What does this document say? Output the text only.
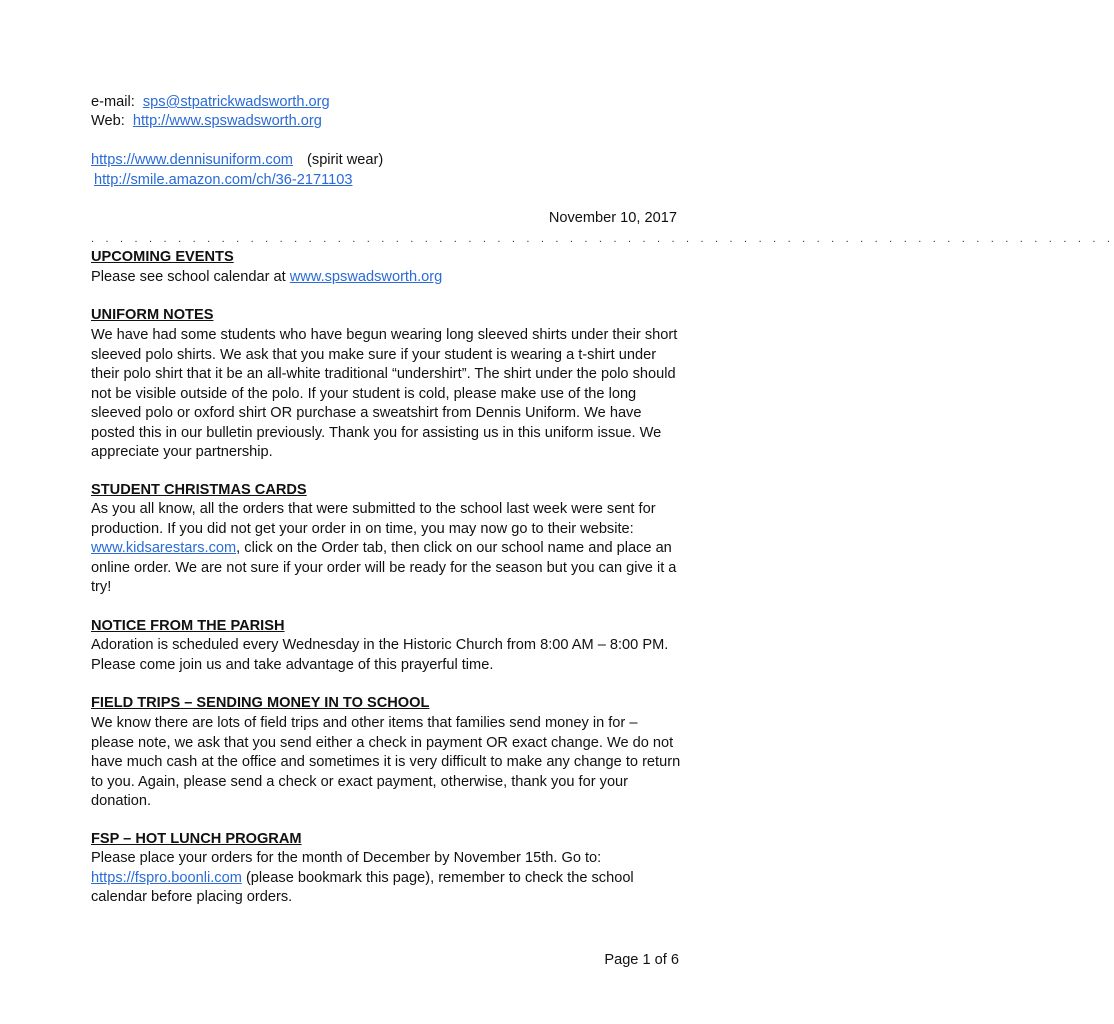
e-mail: sps@stpatrickwadsworth.org
Web: http://www.spswadsworth.org
https://www.dennisuniform.com (spirit wear)
http://smile.amazon.com/ch/36-2171103
November 10, 2017
. . . . . . . . . . . . . . . . . . . . . . . . . . . . . . . . . . . . . . . . . . . . . . . . . . . . . . . . . . . . . . . . . . . . . . .
UPCOMING EVENTS
Please see school calendar at www.spswadsworth.org
UNIFORM NOTES
We have had some students who have begun wearing long sleeved shirts under their short sleeved polo shirts. We ask that you make sure if your student is wearing a t-shirt under their polo shirt that it be an all-white traditional “undershirt”. The shirt under the polo should not be visible outside of the polo. If your student is cold, please make use of the long sleeved polo or oxford shirt OR purchase a sweatshirt from Dennis Uniform. We have posted this in our bulletin previously. Thank you for assisting us in this uniform issue. We appreciate your partnership.
STUDENT CHRISTMAS CARDS
As you all know, all the orders that were submitted to the school last week were sent for production. If you did not get your order in on time, you may now go to their website: www.kidsarestars.com, click on the Order tab, then click on our school name and place an online order. We are not sure if your order will be ready for the season but you can give it a try!
NOTICE FROM THE PARISH
Adoration is scheduled every Wednesday in the Historic Church from 8:00 AM – 8:00 PM. Please come join us and take advantage of this prayerful time.
FIELD TRIPS – SENDING MONEY IN TO SCHOOL
We know there are lots of field trips and other items that families send money in for – please note, we ask that you send either a check in payment OR exact change. We do not have much cash at the office and sometimes it is very difficult to make any change to return to you. Again, please send a check or exact payment, otherwise, thank you for your donation.
FSP – HOT LUNCH PROGRAM
Please place your orders for the month of December by November 15th. Go to: https://fspro.boonli.com (please bookmark this page), remember to check the school calendar before placing orders.
Page 1 of 6
